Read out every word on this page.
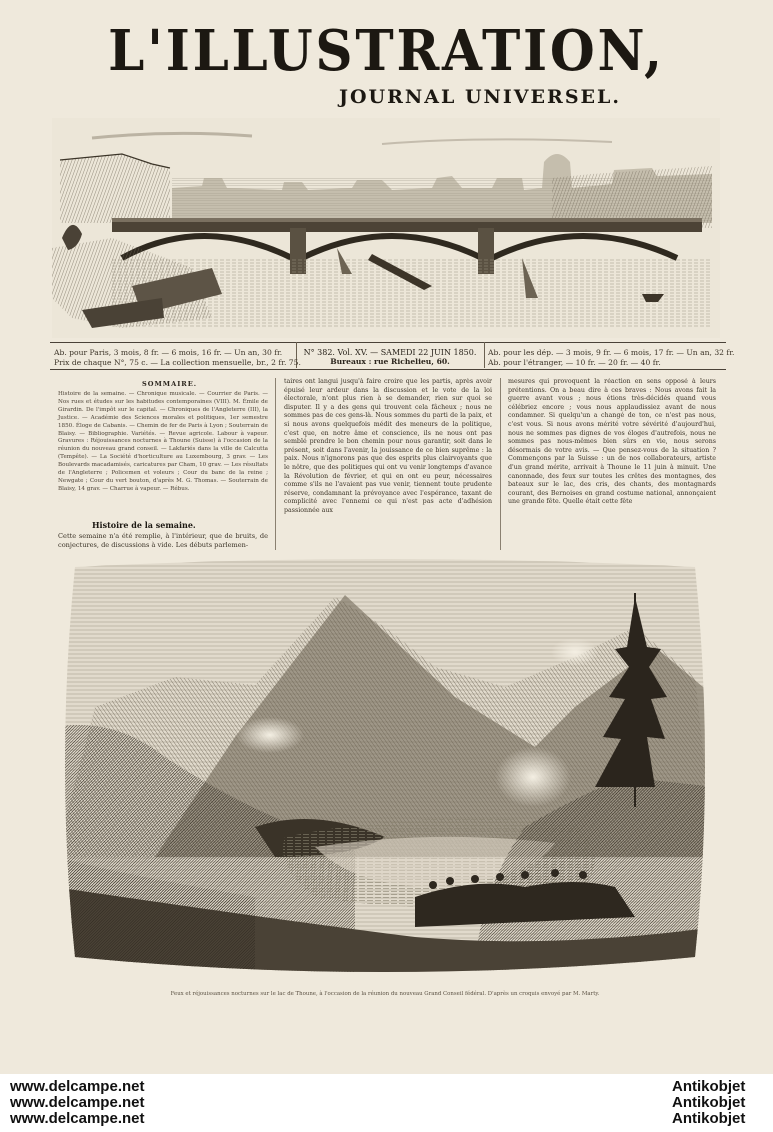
L'ILLUSTRATION,
JOURNAL UNIVERSEL.
Ab. pour Paris, 3 mois, 8 fr. — 6 mois, 16 fr. — Un an, 30 fr.
Prix de chaque N°, 75 c. — La collection mensuelle, br., 2 fr. 75.
N° 382. Vol. XV. — SAMEDI 22 JUIN 1850.
Bureaux : rue Richelieu, 60.
Ab. pour les dép. — 3 mois, 9 fr. — 6 mois, 17 fr. — Un an, 32 fr.
Ab. pour l'étranger, — 10 fr. — 20 fr. — 40 fr.
SOMMAIRE.
Histoire de la semaine. — Chronique musicale. — Courrier de Paris. — Nos rues et études sur les habitudes contemporaines (VIII). M. Émile de Girardin. De l'impôt sur le capital. — Chroniques de l'Angleterre (III), la Justice. — Académie des Sciences morales et politiques, 1er semestre 1850. Éloge de Cabanis. — Chemin de fer de Paris à Lyon ; Souterrain de Blaisy. — Bibliographie. Variétés. — Revue agricole. Labour à vapeur. Gravures : Réjouissances nocturnes à Thoune (Suisse) à l'occasion de la réunion du nouveau grand conseil. — Lakfariés dans la ville de Calcutta (Tempête). — La Société d'horticulture au Luxembourg, 3 grav. — Les Boulevards macadamisés, caricatures par Cham, 10 grav. — Les résultats de l'Angleterre ; Policemen et voleurs ; Cour du banc de la reine ; Newgate ; Cour du vert bouton, d'après M. G. Thomas. — Souterrain de Blaisy, 14 grav. — Charrue à vapeur. — Rébus.
Histoire de la semaine.
Cette semaine n'a été remplie, à l'intérieur, que de bruits, de conjectures, de discussions à vide. Les débuts parlemen-
taires ont langui jusqu'à faire croire que les partis, après avoir épuisé leur ardeur dans la discussion et le vote de la loi électorale, n'ont plus rien à se demander, rien sur quoi se disputer. Il y a des gens qui trouvent cela fâcheux ; nous ne sommes pas de ces gens-là. Nous sommes du parti de la paix, et si nous avons quelquefois médit des meneurs de la politique, c'est que, en notre âme et conscience, ils ne nous ont pas semblé prendre le bon chemin pour nous garantir, soit dans le présent, soit dans l'avenir, la jouissance de ce bien suprême : la paix. Nous n'ignorons pas que des esprits plus clairvoyants que le nôtre, que des politiques qui ont vu venir longtemps d'avance la Révolution de février, et qui en ont eu peur, nécessaires comme s'ils ne l'avaient pas vue venir, tiennent toute prudente réserve, condamnant la prévoyance avec l'espérance, taxant de complicité avec l'ennemi ce qui n'est pas acte d'adhésion passionnée aux
mesures qui provoquent la réaction en sens opposé à leurs prétentions. On a beau dire à ces braves : Nous avons fait la guerre avant vous ; nous étions très-décidés quand vous célébriez encore ; vous nous applaudissiez avant de nous condamner. Si quelqu'un a changé de ton, ce n'est pas nous, c'est vous. Si nous avons mérité votre sévérité d'aujourd'hui, nous ne sommes pas dignes de vos éloges d'autrefois, nous ne sommes pas nous-mêmes bien sûrs en vie, nous serons désormais de votre avis. — Que pensez-vous de la situation ? Commençons par la Suisse : un de nos collaborateurs, artiste d'un grand mérite, arrivait à Thoune le 11 juin à minuit. Une canonnade, des feux sur toutes les crêtes des montagnes, des bateaux sur le lac, des cris, des chants, des montagnards courant, des Bernoises en grand costume national, annonçaient une grande fête. Quelle était cette fête
Feux et réjouissances nocturnes sur le lac de Thoune, à l'occasion de la réunion du nouveau Grand Conseil fédéral. D'après un croquis envoyé par M. Marty.
www.delcampe.net
www.delcampe.net
www.delcampe.net
Antikobjet
Antikobjet
Antikobjet
